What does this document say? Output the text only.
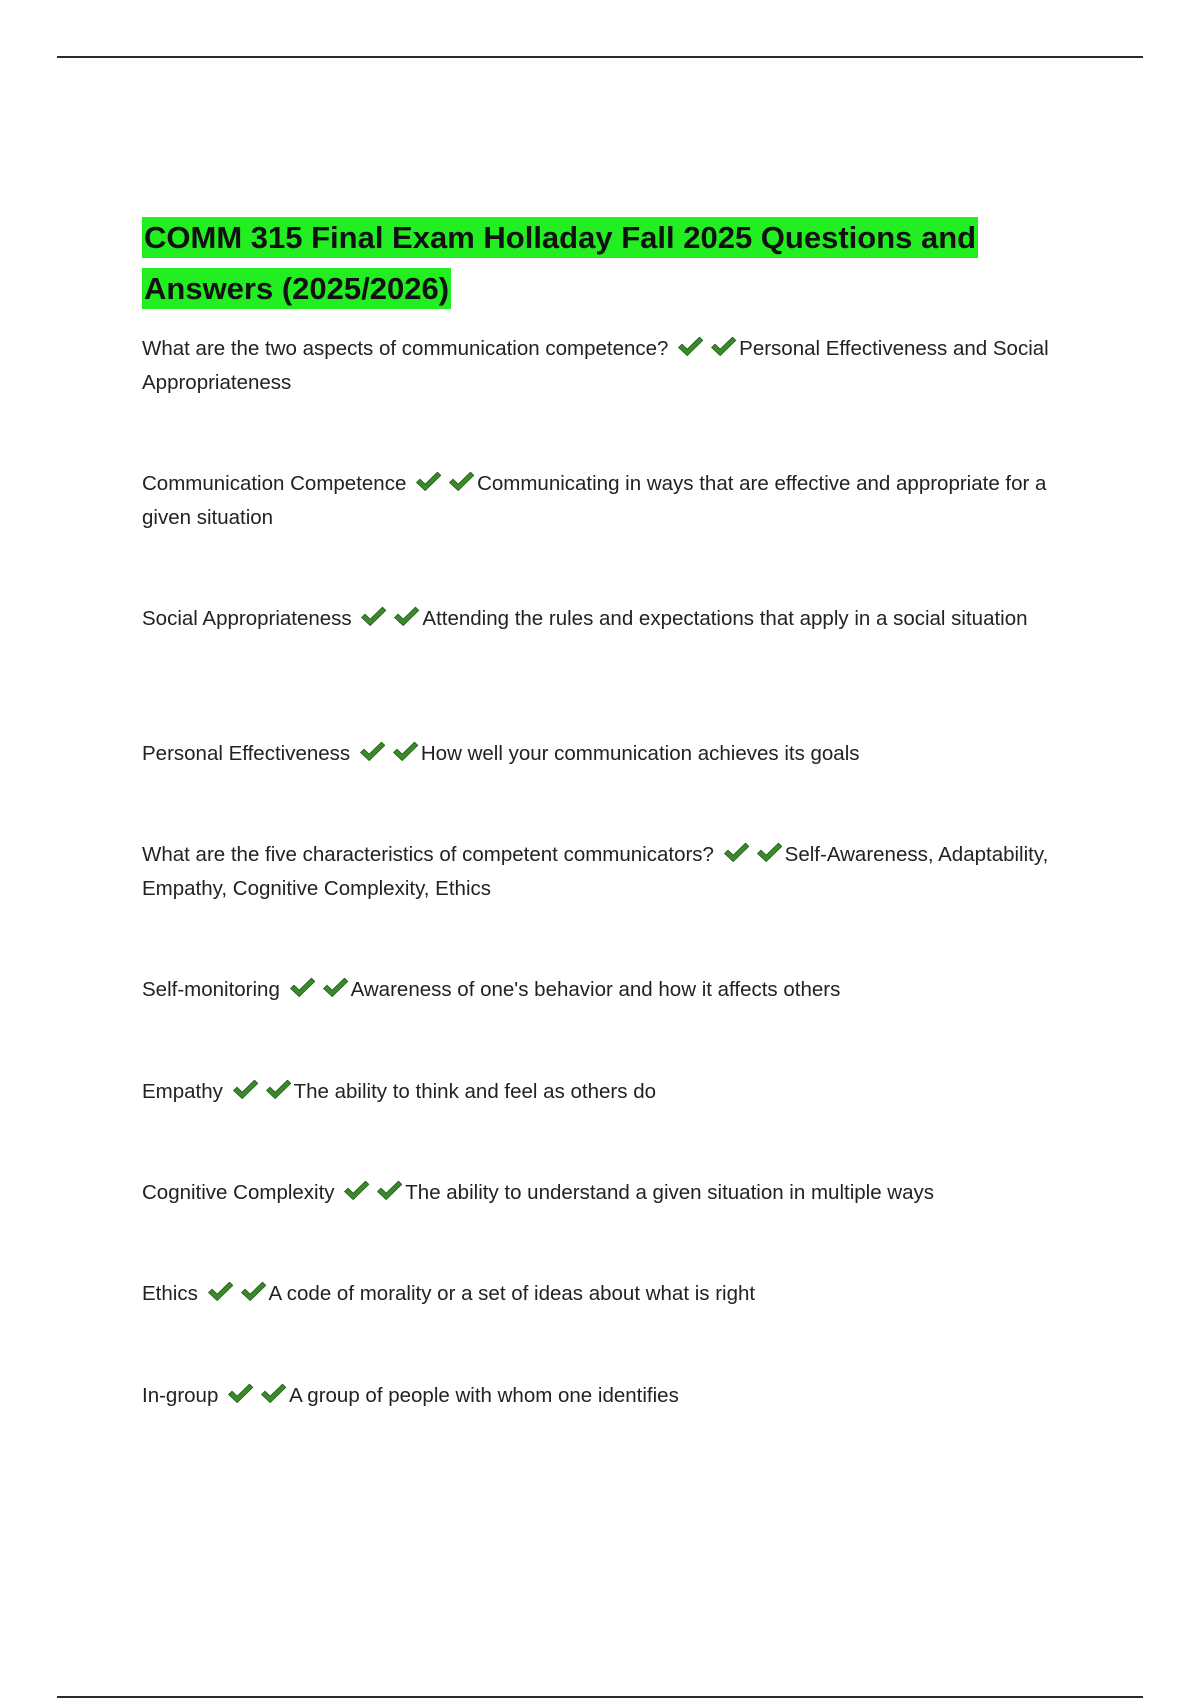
COMM 315 Final Exam Holladay Fall 2025 Questions and Answers (2025/2026)

What are the two aspects of communication competence?	Personal Effectiveness and Social Appropriateness

Communication Competence	Communicating in ways that are effective and appropriate for a given situation

Social Appropriateness	Attending the rules and expectations that apply in a social situation

Personal Effectiveness	How well your communication achieves its goals

What are the five characteristics of competent communicators?	Self-Awareness, Adaptability, Empathy, Cognitive Complexity, Ethics

Self-monitoring	Awareness of one's behavior and how it affects others

Empathy	The ability to think and feel as others do

Cognitive Complexity	The ability to understand a given situation in multiple ways

Ethics	A code of morality or a set of ideas about what is right

In-group	A group of people with whom one identifies
